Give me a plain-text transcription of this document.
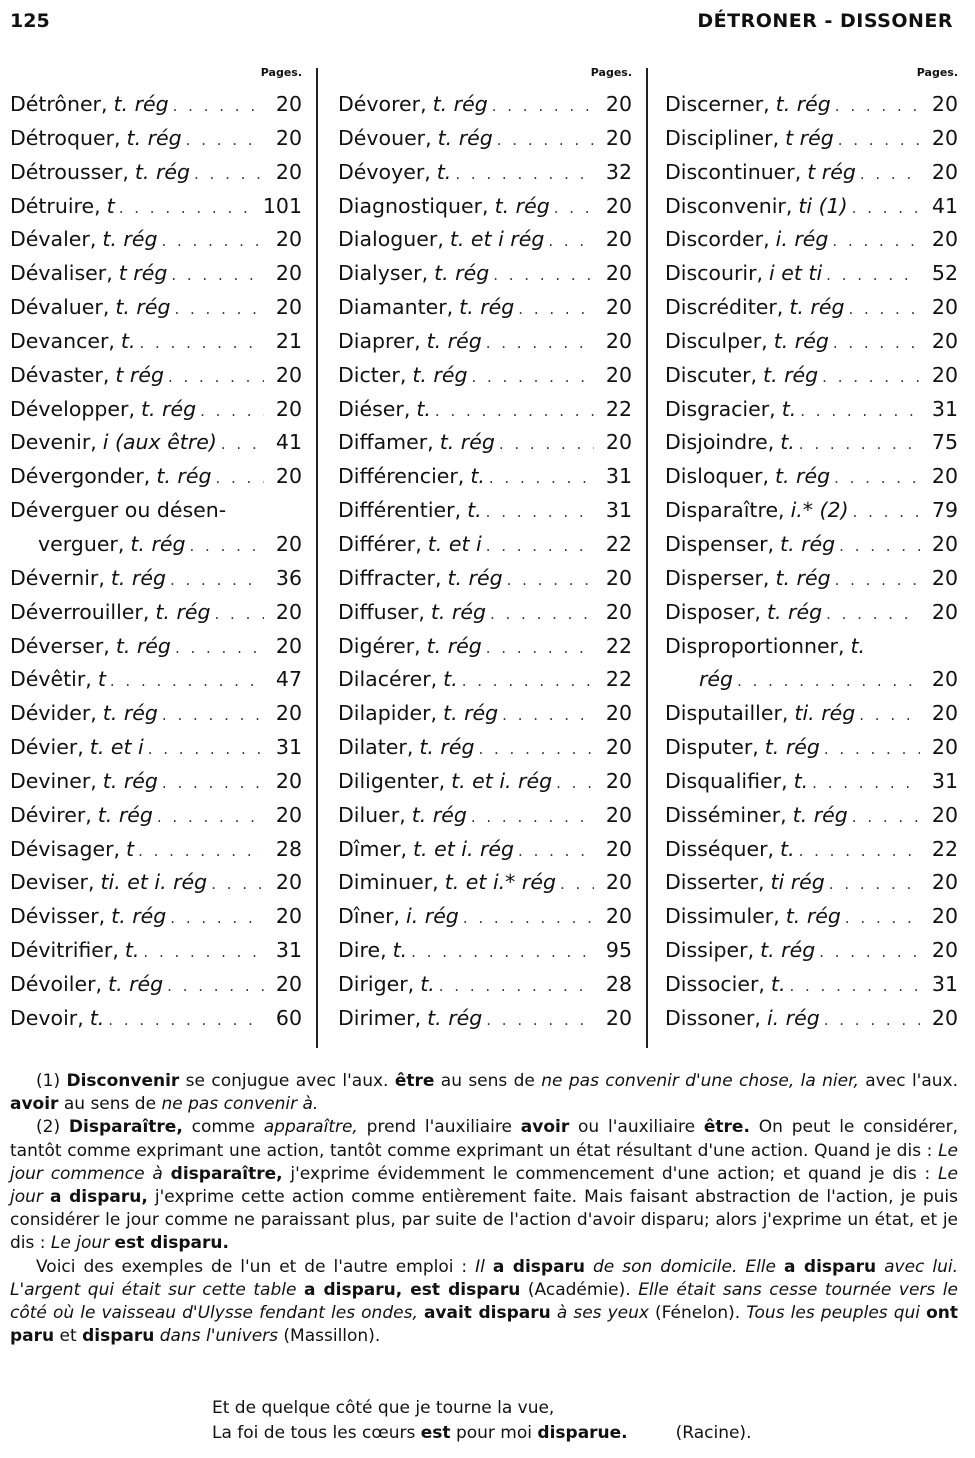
125	DÉTRONER - DISSONER
Pages.
Détrôner, t. rég . . .	20
Détroquer, t. rég . . .	20
Détrousser, t. rég . . .	20
Détruire, t . . .	101
Dévaler, t. rég . . .	20
Dévaliser, t rég . . .	20
Dévaluer, t. rég . . .	20
Devancer, t. . . .	21
Dévaster, t rég . . .	20
Développer, t. rég . . .	20
Devenir, i (aux être) . . .	41
Dévergonder, t. rég . . .	20
Déverguer ou désen-
verguer, t. rég . . .	20
Dévernir, t. rég . . .	36
Déverrouiller, t. rég . . .	20
Déverser, t. rég . . .	20
Dévêtir, t . . .	47
Dévider, t. rég . . .	20
Dévier, t. et i . . .	31
Deviner, t. rég . . .	20
Dévirer, t. rég . . .	20
Dévisager, t . . .	28
Deviser, ti. et i. rég . . .	20
Dévisser, t. rég . . .	20
Dévitrifier, t. . . .	31
Dévoiler, t. rég . . .	20
Devoir, t. . . .	60
Pages.
Dévorer, t. rég . . .	20
Dévouer, t. rég . . .	20
Dévoyer, t. . . .	32
Diagnostiquer, t. rég . . .	20
Dialoguer, t. et i rég . . .	20
Dialyser, t. rég . . .	20
Diamanter, t. rég . . .	20
Diaprer, t. rég . . .	20
Dicter, t. rég . . .	20
Diéser, t. . . .	22
Diffamer, t. rég . . .	20
Différencier, t. . . .	31
Différentier, t. . . .	31
Différer, t. et i . . .	22
Diffracter, t. rég . . .	20
Diffuser, t. rég . . .	20
Digérer, t. rég . . .	22
Dilacérer, t. . . .	22
Dilapider, t. rég . . .	20
Dilater, t. rég . . .	20
Diligenter, t. et i. rég . . .	20
Diluer, t. rég . . .	20
Dîmer, t. et i. rég . . .	20
Diminuer, t. et i.* rég . . .	20
Dîner, i. rég . . .	20
Dire, t. . . .	95
Diriger, t. . . .	28
Dirimer, t. rég . . .	20
Pages.
Discerner, t. rég . . .	20
Discipliner, t rég . . .	20
Discontinuer, t rég . . .	20
Disconvenir, ti (1) . . .	41
Discorder, i. rég . . .	20
Discourir, i et ti . . .	52
Discréditer, t. rég . . .	20
Disculper, t. rég . . .	20
Discuter, t. rég . . .	20
Disgracier, t. . . .	31
Disjoindre, t. . . .	75
Disloquer, t. rég . . .	20
Disparaître, i.* (2) . . .	79
Dispenser, t. rég . . .	20
Disperser, t. rég . . .	20
Disposer, t. rég . . .	20
Disproportionner, t.
rég . . .	20
Disputailler, ti. rég . . .	20
Disputer, t. rég . . .	20
Disqualifier, t. . . .	31
Disséminer, t. rég . . .	20
Disséquer, t. . . .	22
Disserter, ti rég . . .	20
Dissimuler, t. rég . . .	20
Dissiper, t. rég . . .	20
Dissocier, t. . . .	31
Dissoner, i. rég . . .	20

(1) Disconvenir se conjugue avec l'aux. être au sens de ne pas convenir d'une chose, la nier, avec l'aux. avoir au sens de ne pas convenir à.

(2) Disparaître, comme apparaître, prend l'auxiliaire avoir ou l'auxiliaire être. On peut le considérer, tantôt comme exprimant une action, tantôt comme exprimant un état résultant d'une action. Quand je dis : Le jour commence à disparaître, j'exprime évidemment le commencement d'une action; et quand je dis : Le jour a disparu, j'exprime cette action comme entièrement faite. Mais faisant abstraction de l'action, je puis considérer le jour comme ne paraissant plus, par suite de l'action d'avoir disparu; alors j'exprime un état, et je dis : Le jour est disparu.

Voici des exemples de l'un et de l'autre emploi : Il a disparu de son domicile. Elle a disparu avec lui. L'argent qui était sur cette table a disparu, est disparu (Académie). Elle était sans cesse tournée vers le côté où le vaisseau d'Ulysse fendant les ondes, avait disparu à ses yeux (Fénelon). Tous les peuples qui ont paru et disparu dans l'univers (Massillon).

Et de quelque côté que je tourne la vue,
La foi de tous les cœurs est pour moi disparue.	(Racine).
